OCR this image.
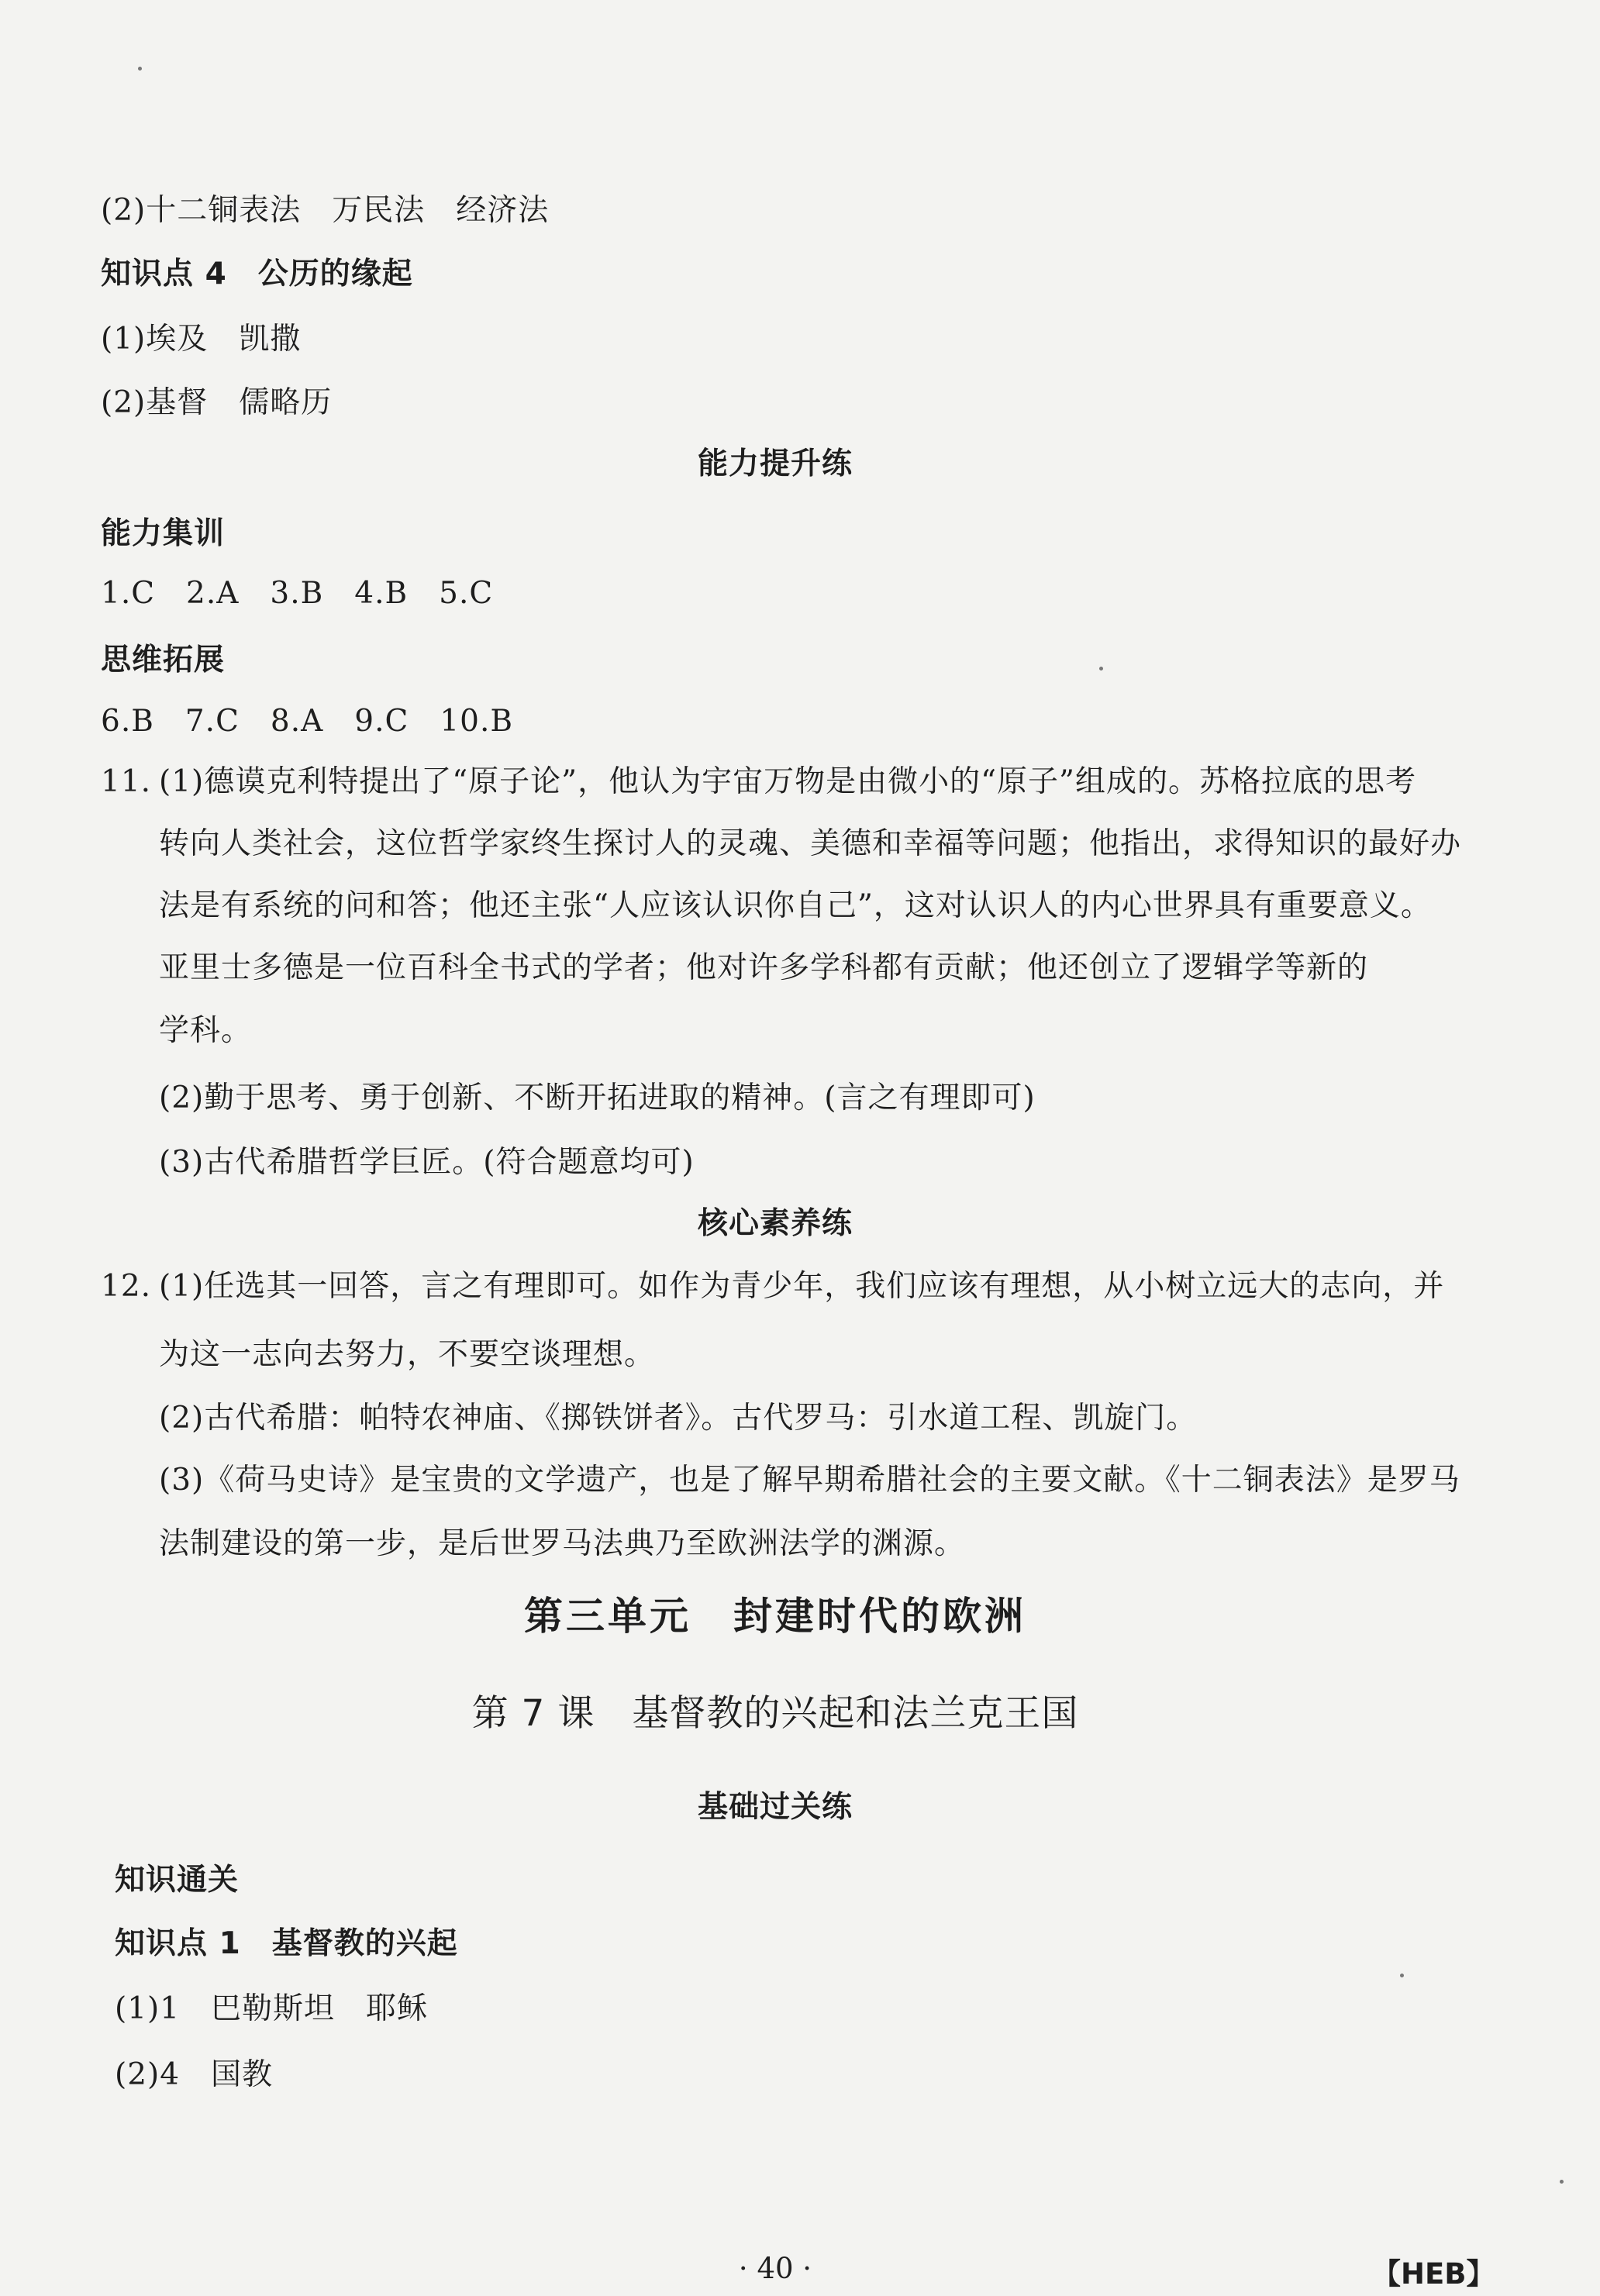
(2)十二铜表法　万民法　经济法

知识点 4　公历的缘起

(1)埃及　凯撒

(2)基督　儒略历

能力提升练

能力集训

1.C　2.A　3.B　4.B　5.C

思维拓展

6.B　7.C　8.A　9.C　10.B

11. (1)德谟克利特提出了“原子论”，他认为宇宙万物是由微小的“原子”组成的。苏格拉底的思考

转向人类社会，这位哲学家终生探讨人的灵魂、美德和幸福等问题；他指出，求得知识的最好办

法是有系统的问和答；他还主张“人应该认识你自己”，这对认识人的内心世界具有重要意义。

亚里士多德是一位百科全书式的学者；他对许多学科都有贡献；他还创立了逻辑学等新的

学科。

(2)勤于思考、勇于创新、不断开拓进取的精神。(言之有理即可)

(3)古代希腊哲学巨匠。(符合题意均可)

核心素养练

12. (1)任选其一回答，言之有理即可。如作为青少年，我们应该有理想，从小树立远大的志向，并

为这一志向去努力，不要空谈理想。

(2)古代希腊：帕特农神庙、《掷铁饼者》。古代罗马：引水道工程、凯旋门。

(3)《荷马史诗》是宝贵的文学遗产，也是了解早期希腊社会的主要文献。《十二铜表法》是罗马

法制建设的第一步，是后世罗马法典乃至欧洲法学的渊源。

第三单元　封建时代的欧洲

第 7 课　基督教的兴起和法兰克王国

基础过关练

知识通关

知识点 1　基督教的兴起

(1)1　巴勒斯坦　耶稣

(2)4　国教

· 40 ·	【HEB】
